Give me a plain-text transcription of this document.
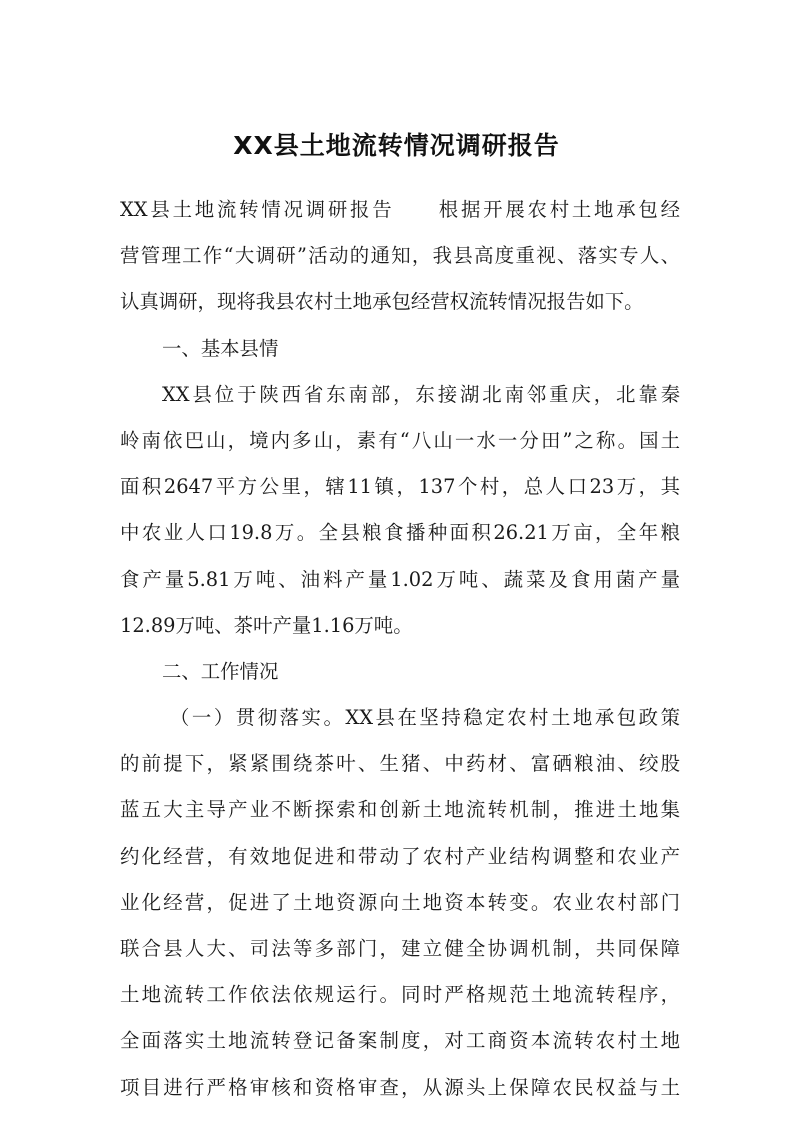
XX县土地流转情况调研报告
XX县土地流转情况调研报告　　根据开展农村土地承包经
营管理工作“大调研”活动的通知，我县高度重视、落实专人、
认真调研，现将我县农村土地承包经营权流转情况报告如下。
一、基本县情
XX县位于陕西省东南部，东接湖北南邻重庆，北靠秦
岭南依巴山，境内多山，素有“八山一水一分田”之称。国土
面积2647平方公里，辖11镇，137个村，总人口23万，其
中农业人口19.8万。全县粮食播种面积26.21万亩，全年粮
食产量5.81万吨、油料产量1.02万吨、蔬菜及食用菌产量
12.89万吨、茶叶产量1.16万吨。
二、工作情况
（一）贯彻落实。XX县在坚持稳定农村土地承包政策
的前提下，紧紧围绕茶叶、生猪、中药材、富硒粮油、绞股
蓝五大主导产业不断探索和创新土地流转机制，推进土地集
约化经营，有效地促进和带动了农村产业结构调整和农业产
业化经营，促进了土地资源向土地资本转变。农业农村部门
联合县人大、司法等多部门，建立健全协调机制，共同保障
土地流转工作依法依规运行。同时严格规范土地流转程序，
全面落实土地流转登记备案制度，对工商资本流转农村土地
项目进行严格审核和资格审查，从源头上保障农民权益与土
